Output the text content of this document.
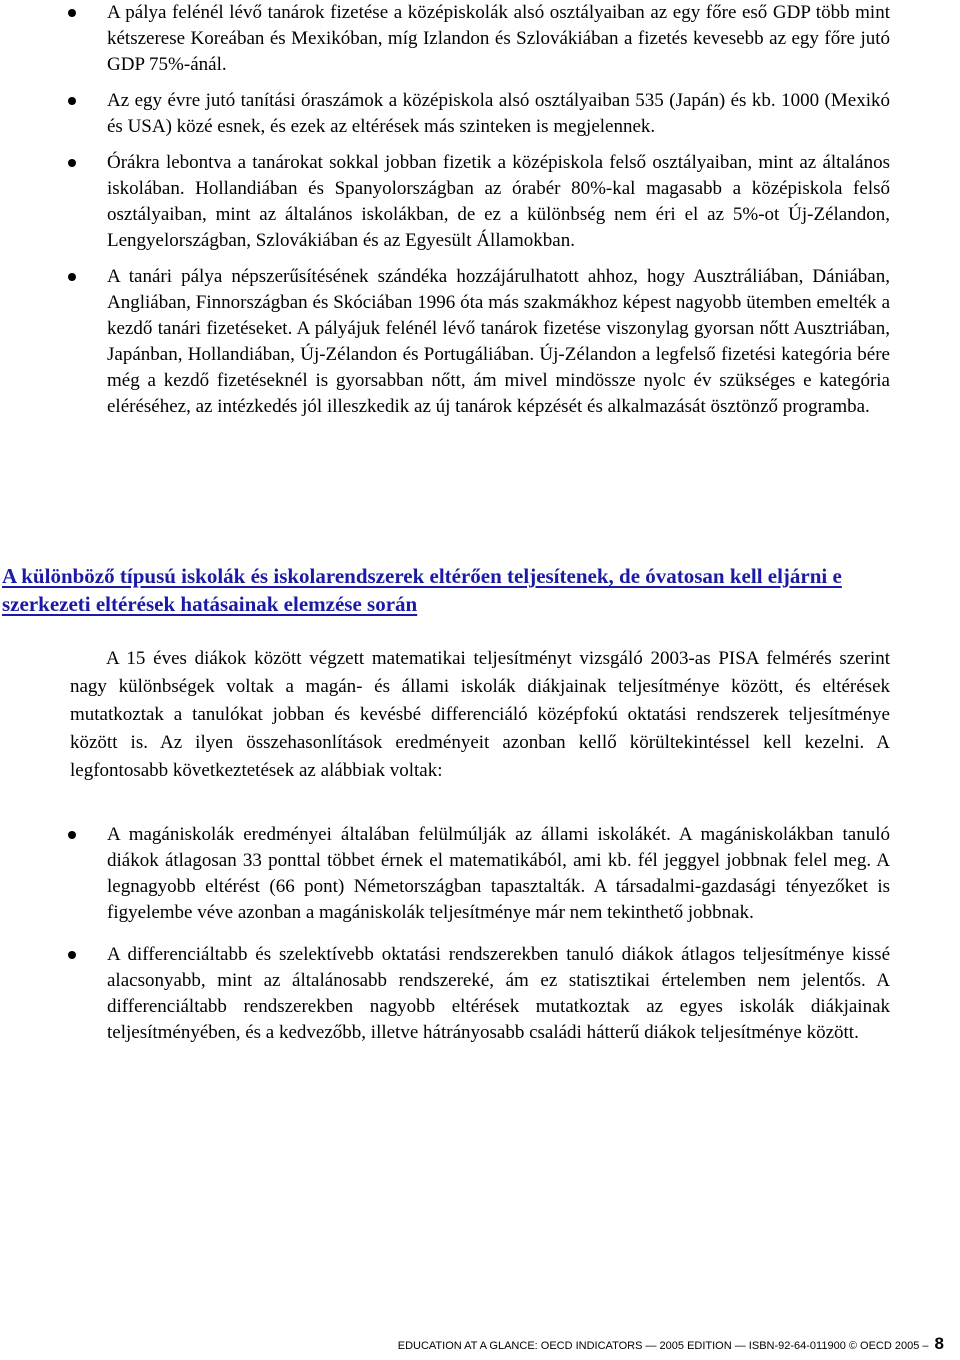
A pálya felénél lévő tanárok fizetése a középiskolák alsó osztályaiban az egy főre eső GDP több mint kétszerese Koreában és Mexikóban, míg Izlandon és Szlovákiában a fizetés kevesebb az egy főre jutó GDP 75%-ánál.
Az egy évre jutó tanítási óraszámok a középiskola alsó osztályaiban 535 (Japán) és kb. 1000 (Mexikó és USA) közé esnek, és ezek az eltérések más szinteken is megjelennek.
Órákra lebontva a tanárokat sokkal jobban fizetik a középiskola felső osztályaiban, mint az általános iskolában. Hollandiában és Spanyolországban az órabér 80%-kal magasabb a középiskola felső osztályaiban, mint az általános iskolákban, de ez a különbség nem éri el az 5%-ot Új-Zélandon, Lengyelországban, Szlovákiában és az Egyesült Államokban.
A tanári pálya népszerűsítésének szándéka hozzájárulhatott ahhoz, hogy Ausztráliában, Dániában, Angliában, Finnországban és Skóciában 1996 óta más szakmákhoz képest nagyobb ütemben emelték a kezdő tanári fizetéseket. A pályájuk felénél lévő tanárok fizetése viszonylag gyorsan nőtt Ausztriában, Japánban, Hollandiában, Új-Zélandon és Portugáliában. Új-Zélandon a legfelső fizetési kategória bére még a kezdő fizetéseknél is gyorsabban nőtt, ám mivel mindössze nyolc év szükséges e kategória eléréséhez, az intézkedés jól illeszkedik az új tanárok képzését és alkalmazását ösztönző programba.
A különböző típusú iskolák és iskolarendszerek eltérően teljesítenek, de óvatosan kell eljárni e szerkezeti eltérések hatásainak elemzése során
A 15 éves diákok között végzett matematikai teljesítményt vizsgáló 2003-as PISA felmérés szerint nagy különbségek voltak a magán- és állami iskolák diákjainak teljesítménye között, és eltérések mutatkoztak a tanulókat jobban és kevésbé differenciáló középfokú oktatási rendszerek teljesítménye között is. Az ilyen összehasonlítások eredményeit azonban kellő körültekintéssel kell kezelni. A legfontosabb következtetések az alábbiak voltak:
A magániskolák eredményei általában felülmúlják az állami iskolákét. A magániskolákban tanuló diákok átlagosan 33 ponttal többet érnek el matematikából, ami kb. fél jeggyel jobbnak felel meg. A legnagyobb eltérést (66 pont) Németországban tapasztalták. A társadalmi-gazdasági tényezőket is figyelembe véve azonban a magániskolák teljesítménye már nem tekinthető jobbnak.
A differenciáltabb és szelektívebb oktatási rendszerekben tanuló diákok átlagos teljesítménye kissé alacsonyabb, mint az általánosabb rendszereké, ám ez statisztikai értelemben nem jelentős. A differenciáltabb rendszerekben nagyobb eltérések mutatkoztak az egyes iskolák diákjainak teljesítményében, és a kedvezőbb, illetve hátrányosabb családi hátterű diákok teljesítménye között.
EDUCATION AT A GLANCE: OECD INDICATORS — 2005 EDITION — ISBN-92-64-011900 © OECD 2005 – 8
